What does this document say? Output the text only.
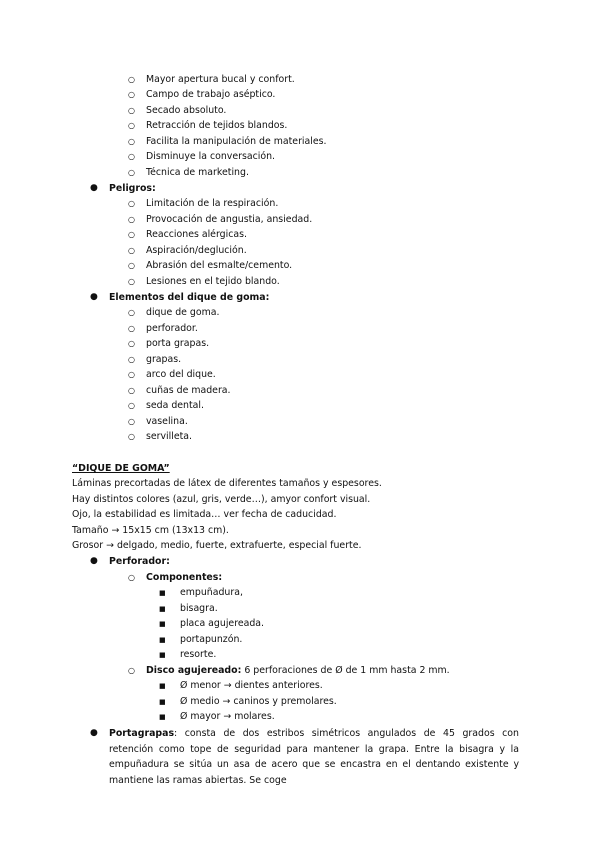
○ Mayor apertura bucal y confort.
○ Campo de trabajo aséptico.
○ Secado absoluto.
○ Retracción de tejidos blandos.
○ Facilita la manipulación de materiales.
○ Disminuye la conversación.
○ Técnica de marketing.
● Peligros:
○ Limitación de la respiración.
○ Provocación de angustia, ansiedad.
○ Reacciones alérgicas.
○ Aspiración/deglución.
○ Abrasión del esmalte/cemento.
○ Lesiones en el tejido blando.
● Elementos del dique de goma:
○ dique de goma.
○ perforador.
○ porta grapas.
○ grapas.
○ arco del dique.
○ cuñas de madera.
○ seda dental.
○ vaselina.
○ servilleta.
“DIQUE DE GOMA”
Láminas precortadas de látex de diferentes tamaños y espesores.
Hay distintos colores (azul, gris, verde…), amyor confort visual.
Ojo, la estabilidad es limitada… ver fecha de caducidad.
Tamaño → 15x15 cm (13x13 cm).
Grosor → delgado, medio, fuerte, extrafuerte, especial fuerte.
● Perforador:
○ Componentes:
■ empuñadura,
■ bisagra.
■ placa agujereada.
■ portapunzón.
■ resorte.
○ Disco agujereado: 6 perforaciones de Ø de 1 mm hasta 2 mm.
■ Ø menor → dientes anteriores.
■ Ø medio → caninos y premolares.
■ Ø mayor → molares.
● Portagrapas: consta de dos estribos simétricos angulados de 45 grados con retención como tope de seguridad para mantener la grapa. Entre la bisagra y la empuñadura se sitúa un asa de acero que se encastra en el dentando existente y mantiene las ramas abiertas. Se coge
